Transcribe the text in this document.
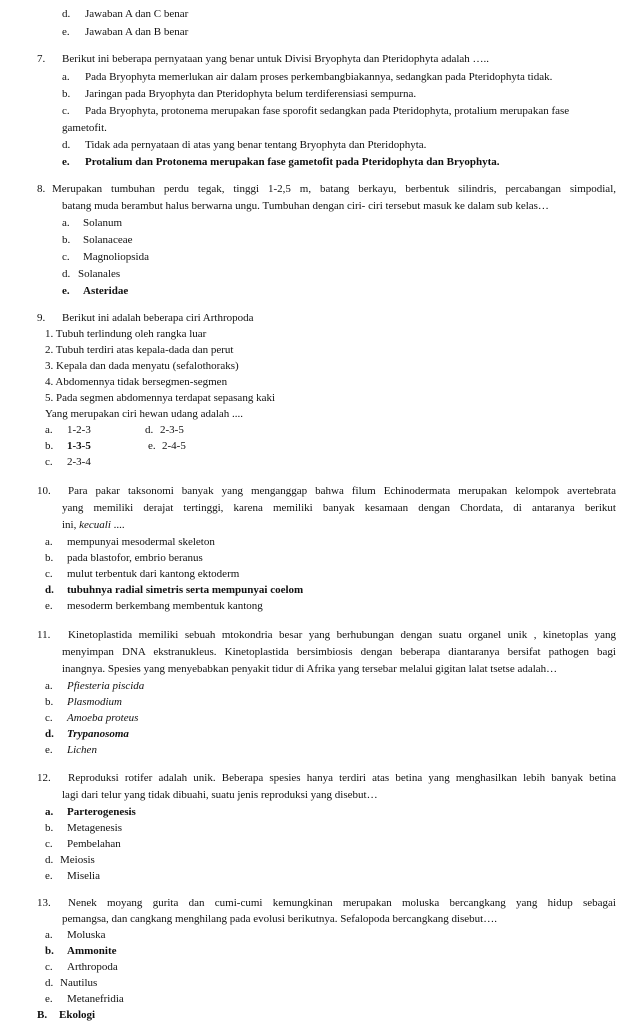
d. Jawaban A dan C benar
e. Jawaban A dan B benar
7. Berikut ini beberapa pernyataan yang benar untuk Divisi Bryophyta dan Pteridophyta adalah …..
a. Pada Bryophyta memerlukan air dalam proses perkembangbiakannya, sedangkan pada Pteridophyta tidak.
b. Jaringan pada Bryophyta dan Pteridophyta belum terdiferensiasi sempurna.
c. Pada Bryophyta, protonema merupakan fase sporofit sedangkan pada Pteridophyta, protalium merupakan fase
gametofit.
d. Tidak ada pernyataan di atas yang benar tentang Bryophyta dan Pteridophyta.
e. Protalium dan Protonema merupakan fase gametofit pada Pteridophyta dan Bryophyta.
8. Merupakan tumbuhan perdu tegak, tinggi 1-2,5 m, batang berkayu, berbentuk silindris, percabangan simpodial,
batang muda berambut halus berwarna ungu. Tumbuhan dengan ciri- ciri tersebut masuk ke dalam sub kelas…
a. Solanum
b. Solanaceae
c. Magnoliopsida
d. Solanales
e. Asteridae
9. Berikut ini adalah beberapa ciri Arthropoda
1. Tubuh terlindung oleh rangka luar
2. Tubuh terdiri atas kepala-dada dan perut
3. Kepala dan dada menyatu (sefalothoraks)
4. Abdomennya tidak bersegmen-segmen
5. Pada segmen abdomennya terdapat sepasang kaki
Yang merupakan ciri hewan udang adalah ....
a. 1-2-3	d. 2-3-5
b. 1-3-5	e. 2-4-5
c. 2-3-4
10. Para pakar taksonomi banyak yang menganggap bahwa filum Echinodermata merupakan kelompok avertebrata
yang memiliki derajat tertinggi, karena memiliki banyak kesamaan dengan Chordata, di antaranya berikut
ini, kecuali ....
a. mempunyai mesodermal skeleton
b. pada blastofor, embrio beranus
c. mulut terbentuk dari kantong ektoderm
d. tubuhnya radial simetris serta mempunyai coelom
e. mesoderm berkembang membentuk kantong
11. Kinetoplastida memiliki sebuah mtokondria besar yang berhubungan dengan suatu organel unik , kinetoplas yang
menyimpan DNA ekstranukleus. Kinetoplastida bersimbiosis dengan beberapa diantaranya bersifat pathogen bagi
inangnya. Spesies yang menyebabkan penyakit tidur di Afrika yang tersebar melalui gigitan lalat tsetse adalah…
a. Pfiesteria piscida
b. Plasmodium
c. Amoeba proteus
d. Trypanosoma
e. Lichen
12. Reproduksi rotifer adalah unik. Beberapa spesies hanya terdiri atas betina yang menghasilkan lebih banyak betina
lagi dari telur yang tidak dibuahi, suatu jenis reproduksi yang disebut…
a. Parterogenesis
b. Metagenesis
c. Pembelahan
d. Meiosis
e. Miselia
13. Nenek moyang gurita dan cumi-cumi kemungkinan merupakan moluska bercangkang yang hidup sebagai
pemangsa, dan cangkang menghilang pada evolusi berikutnya. Sefalopoda bercangkang disebut….
a. Moluska
b. Ammonite
c. Arthropoda
d. Nautilus
e. Metanefridia
B. Ekologi
